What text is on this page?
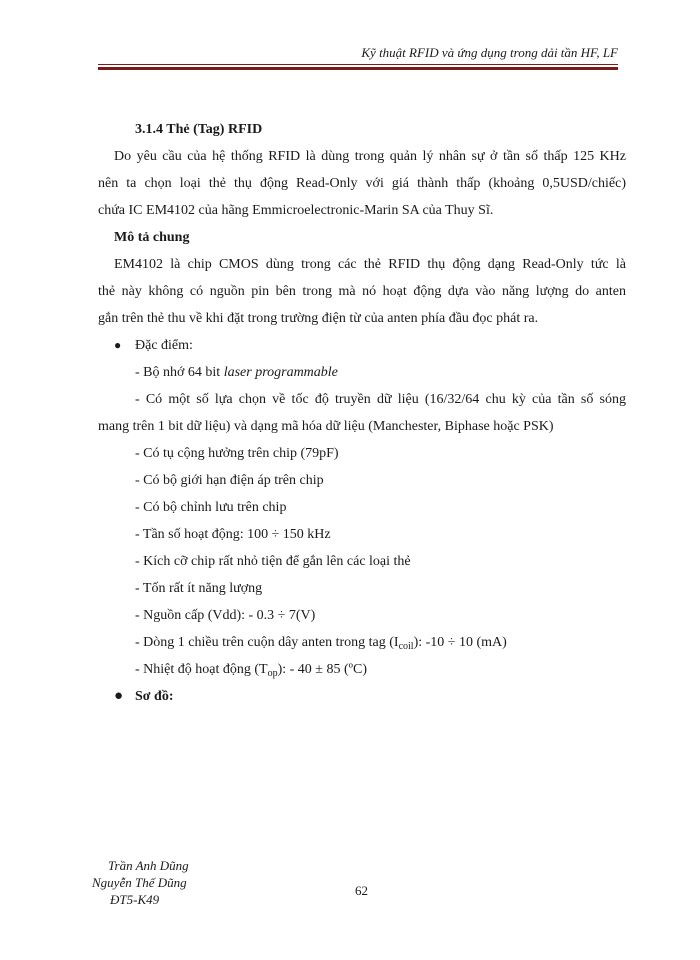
Kỹ thuật RFID và ứng dụng trong dải tần HF, LF
3.1.4 Thẻ (Tag) RFID
Do yêu cầu của hệ thống RFID là dùng trong quản lý nhân sự ở tần số thấp 125 KHz
nên ta chọn loại thẻ thụ động Read-Only với giá thành thấp (khoảng 0,5USD/chiếc)
chứa IC EM4102 của hãng Emmicroelectronic-Marin SA của Thuy Sĩ.
Mô tả chung
EM4102 là chip CMOS dùng trong các thẻ RFID thụ động dạng Read-Only tức là
thẻ này không có nguồn pin bên trong mà nó hoạt động dựa vào năng lượng do anten
gắn trên thẻ thu về khi đặt trong trường điện từ của anten phía đầu đọc phát ra.
● Đặc điểm:
- Bộ nhớ 64 bit laser programmable
- Có một số lựa chọn về tốc độ truyền dữ liệu (16/32/64 chu kỳ của tần số sóng
mang trên 1 bit dữ liệu) và dạng mã hóa dữ liệu (Manchester, Biphase hoặc PSK)
- Có tụ cộng hưởng trên chip (79pF)
- Có bộ giới hạn điện áp trên chip
- Có bộ chỉnh lưu trên chip
- Tần số hoạt động: 100 ÷ 150 kHz
- Kích cỡ chip rất nhỏ tiện để gắn lên các loại thẻ
- Tốn rất ít năng lượng
- Nguồn cấp (Vdd): - 0.3 ÷ 7(V)
- Dòng 1 chiều trên cuộn dây anten trong tag $(I_{coil})$: -10 ÷ 10 (mA)
- Nhiệt độ hoạt động $(T_{op})$: - 40 ± 85 (ºC)
● Sơ đồ:
Trần Anh Dũng
Nguyễn Thế Dũng
ĐT5-K49
62
